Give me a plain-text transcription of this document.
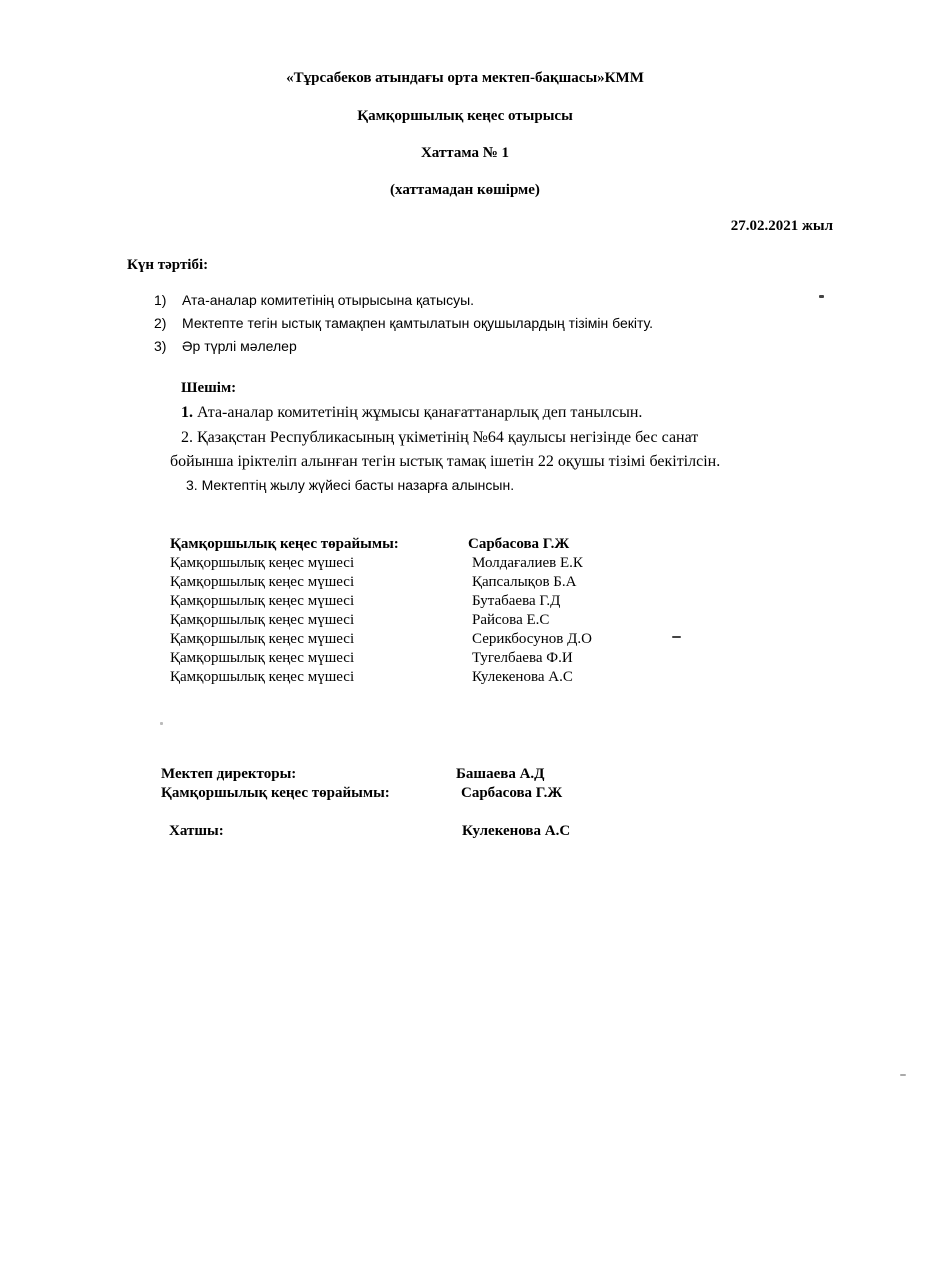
«Тұрсабеков атындағы орта мектеп-бақшасы»КММ
Қамқоршылық кеңес отырысы
Хаттама № 1
(хаттамадан көшірме)
27.02.2021 жыл
Күн тәртібі:
1) Ата-аналар комитетінің отырысына қатысуы.
2) Мектепте тегін ыстық тамақпен қамтылатын оқушылардың тізімін бекіту.
3) Әр түрлі мәлелер
Шешім:
1. Ата-аналар комитетінің жұмысы қанағаттанарлық деп танылсын.
2. Қазақстан Республикасының үкіметінің №64 қаулысы негізінде бес санат
бойынша іріктеліп алынған тегін ыстық тамақ ішетін 22 оқушы тізімі бекітілсін.
3. Мектептің жылу жүйесі басты назарға алынсын.
Қамқоршылық кеңес төрайымы:	Сарбасова Г.Ж
Қамқоршылық кеңес мүшесі	Молдағалиев Е.К
Қамқоршылық кеңес мүшесі	Қапсалықов Б.А
Қамқоршылық кеңес мүшесі	Бутабаева Г.Д
Қамқоршылық кеңес мүшесі	Райсова Е.С
Қамқоршылық кеңес мүшесі	Серикбосунов Д.О
Қамқоршылық кеңес мүшесі	Тугелбаева Ф.И
Қамқоршылық кеңес мүшесі	Кулекенова А.С
Мектеп директоры:	Башаева А.Д
Қамқоршылық кеңес төрайымы:	Сарбасова Г.Ж
Хатшы:	Кулекенова А.С
